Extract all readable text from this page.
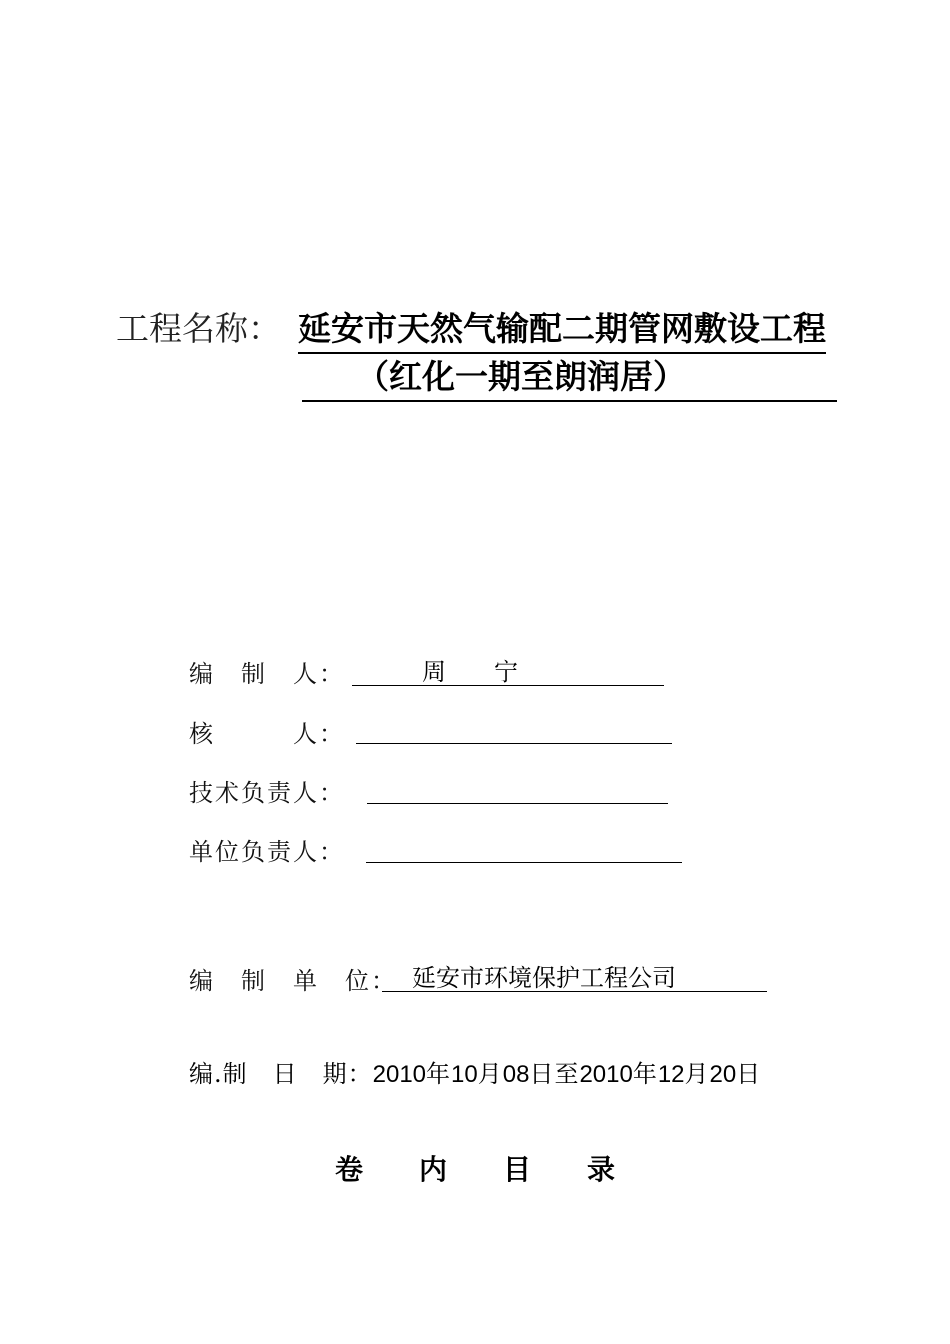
工程名称： 延安市天然气输配二期管网敷设工程
（红化一期至朗润居）
编　制　人：	周　　宁
核　　　人：
技术负责人：
单位负责人：
编　制　单　位： 延安市环境保护工程公司
编.制　日　期：2010年10月08日至2010年12月20日
卷 内 目 录
